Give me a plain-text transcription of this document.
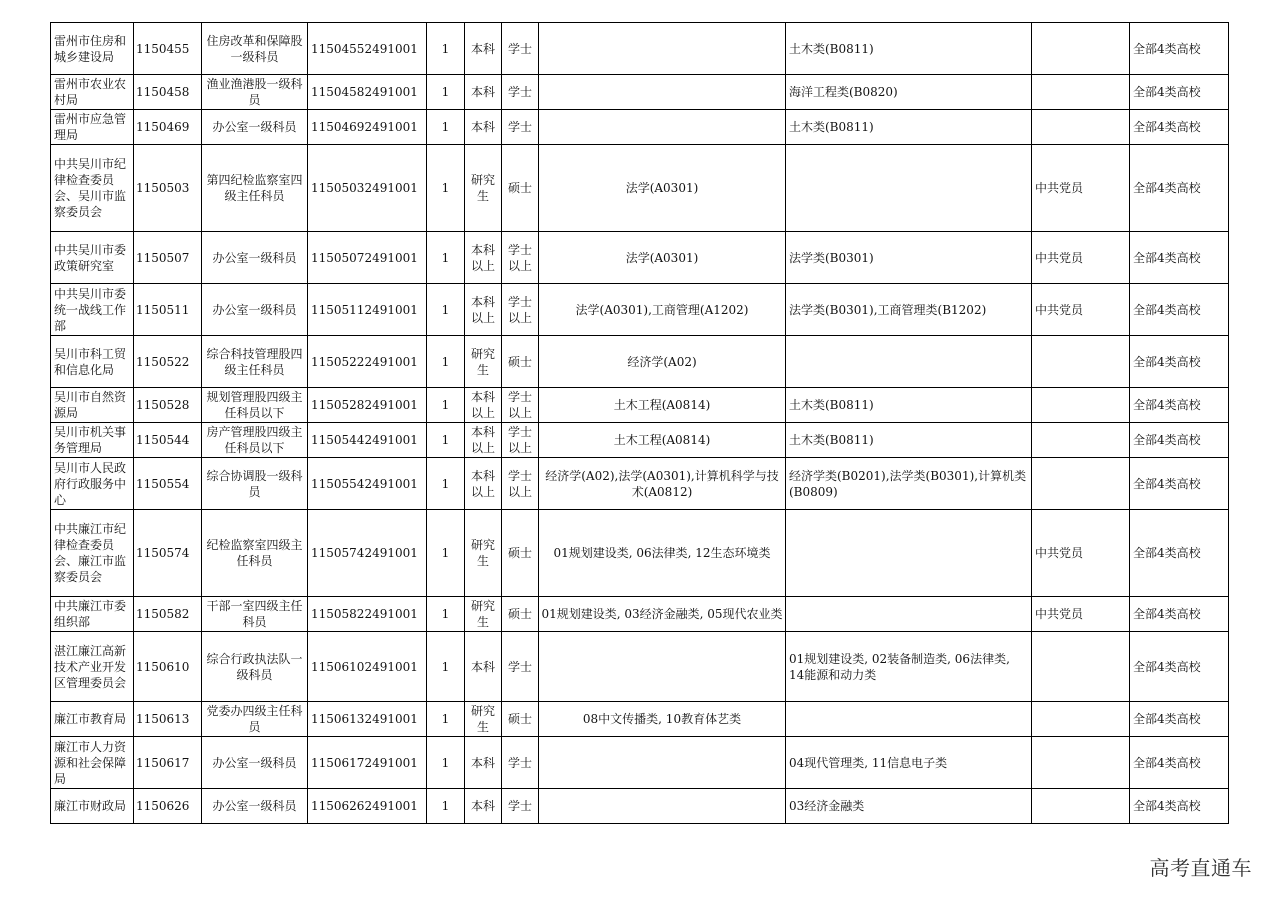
雷州市住房和城乡建设局	1150455	住房改革和保障股一级科员	11504552491001	1	本科	学士		土木类(B0811)		全部4类高校
雷州市农业农村局	1150458	渔业渔港股一级科员	11504582491001	1	本科	学士		海洋工程类(B0820)		全部4类高校
雷州市应急管理局	1150469	办公室一级科员	11504692491001	1	本科	学士		土木类(B0811)		全部4类高校
中共吴川市纪律检查委员会、吴川市监察委员会	1150503	第四纪检监察室四级主任科员	11505032491001	1	研究生	硕士	法学(A0301)		中共党员	全部4类高校
中共吴川市委政策研究室	1150507	办公室一级科员	11505072491001	1	本科以上	学士以上	法学(A0301)	法学类(B0301)	中共党员	全部4类高校
中共吴川市委统一战线工作部	1150511	办公室一级科员	11505112491001	1	本科以上	学士以上	法学(A0301),工商管理(A1202)	法学类(B0301),工商管理类(B1202)	中共党员	全部4类高校
吴川市科工贸和信息化局	1150522	综合科技管理股四级主任科员	11505222491001	1	研究生	硕士	经济学(A02)			全部4类高校
吴川市自然资源局	1150528	规划管理股四级主任科员以下	11505282491001	1	本科以上	学士以上	土木工程(A0814)	土木类(B0811)		全部4类高校
吴川市机关事务管理局	1150544	房产管理股四级主任科员以下	11505442491001	1	本科以上	学士以上	土木工程(A0814)	土木类(B0811)		全部4类高校
吴川市人民政府行政服务中心	1150554	综合协调股一级科员	11505542491001	1	本科以上	学士以上	经济学(A02),法学(A0301),计算机科学与技术(A0812)	经济学类(B0201),法学类(B0301),计算机类(B0809)		全部4类高校
中共廉江市纪律检查委员会、廉江市监察委员会	1150574	纪检监察室四级主任科员	11505742491001	1	研究生	硕士	01规划建设类, 06法律类, 12生态环境类		中共党员	全部4类高校
中共廉江市委组织部	1150582	干部一室四级主任科员	11505822491001	1	研究生	硕士	01规划建设类, 03经济金融类, 05现代农业类		中共党员	全部4类高校
湛江廉江高新技术产业开发区管理委员会	1150610	综合行政执法队一级科员	11506102491001	1	本科	学士		01规划建设类, 02装备制造类, 06法律类, 14能源和动力类		全部4类高校
廉江市教育局	1150613	党委办四级主任科员	11506132491001	1	研究生	硕士	08中文传播类, 10教育体艺类			全部4类高校
廉江市人力资源和社会保障局	1150617	办公室一级科员	11506172491001	1	本科	学士		04现代管理类, 11信息电子类		全部4类高校
廉江市财政局	1150626	办公室一级科员	11506262491001	1	本科	学士		03经济金融类		全部4类高校
高考直通车
